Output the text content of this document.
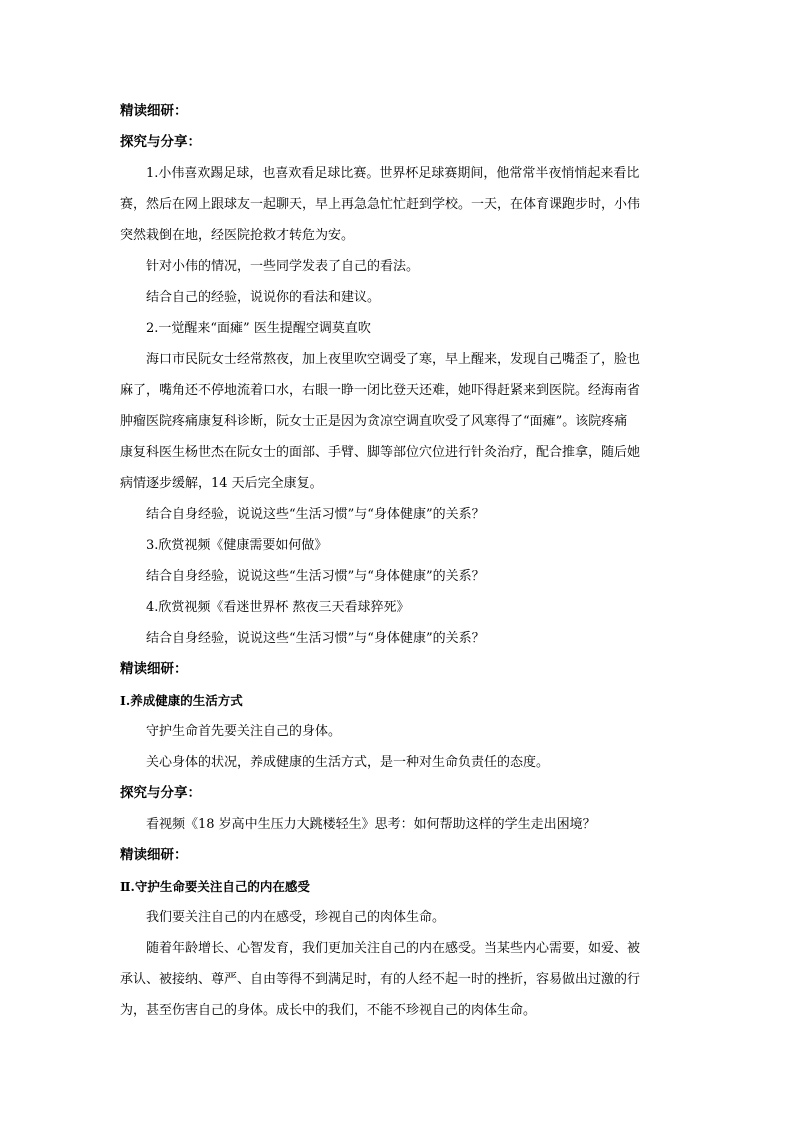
精读细研：

探究与分享：

1.小伟喜欢踢足球，也喜欢看足球比赛。世界杯足球赛期间，他常常半夜悄悄起来看比
赛，然后在网上跟球友一起聊天，早上再急急忙忙赶到学校。一天，在体育课跑步时，小伟
突然栽倒在地，经医院抢救才转危为安。

针对小伟的情况，一些同学发表了自己的看法。

结合自己的经验，说说你的看法和建议。

2.一觉醒来“面瘫” 医生提醒空调莫直吹

海口市民阮女士经常熬夜，加上夜里吹空调受了寒，早上醒来，发现自己嘴歪了，脸也
麻了，嘴角还不停地流着口水，右眼一睁一闭比登天还难，她吓得赶紧来到医院。经海南省
肿瘤医院疼痛康复科诊断，阮女士正是因为贪凉空调直吹受了风寒得了“面瘫”。该院疼痛
康复科医生杨世杰在阮女士的面部、手臂、脚等部位穴位进行针灸治疗，配合推拿，随后她
病情逐步缓解，14 天后完全康复。

结合自身经验，说说这些“生活习惯”与“身体健康”的关系？

3.欣赏视频《健康需要如何做》

结合自身经验，说说这些“生活习惯”与“身体健康”的关系？

4.欣赏视频《看迷世界杯 熬夜三天看球猝死》

结合自身经验，说说这些“生活习惯”与“身体健康”的关系？

精读细研：

Ⅰ.养成健康的生活方式

守护生命首先要关注自己的身体。

关心身体的状况，养成健康的生活方式，是一种对生命负责任的态度。

探究与分享：

看视频《18 岁高中生压力大跳楼轻生》思考：如何帮助这样的学生走出困境？

精读细研：

Ⅱ.守护生命要关注自己的内在感受

我们要关注自己的内在感受，珍视自己的肉体生命。

随着年龄增长、心智发育，我们更加关注自己的内在感受。当某些内心需要，如爱、被
承认、被接纳、尊严、自由等得不到满足时，有的人经不起一时的挫折，容易做出过激的行
为，甚至伤害自己的身体。成长中的我们，不能不珍视自己的肉体生命。
